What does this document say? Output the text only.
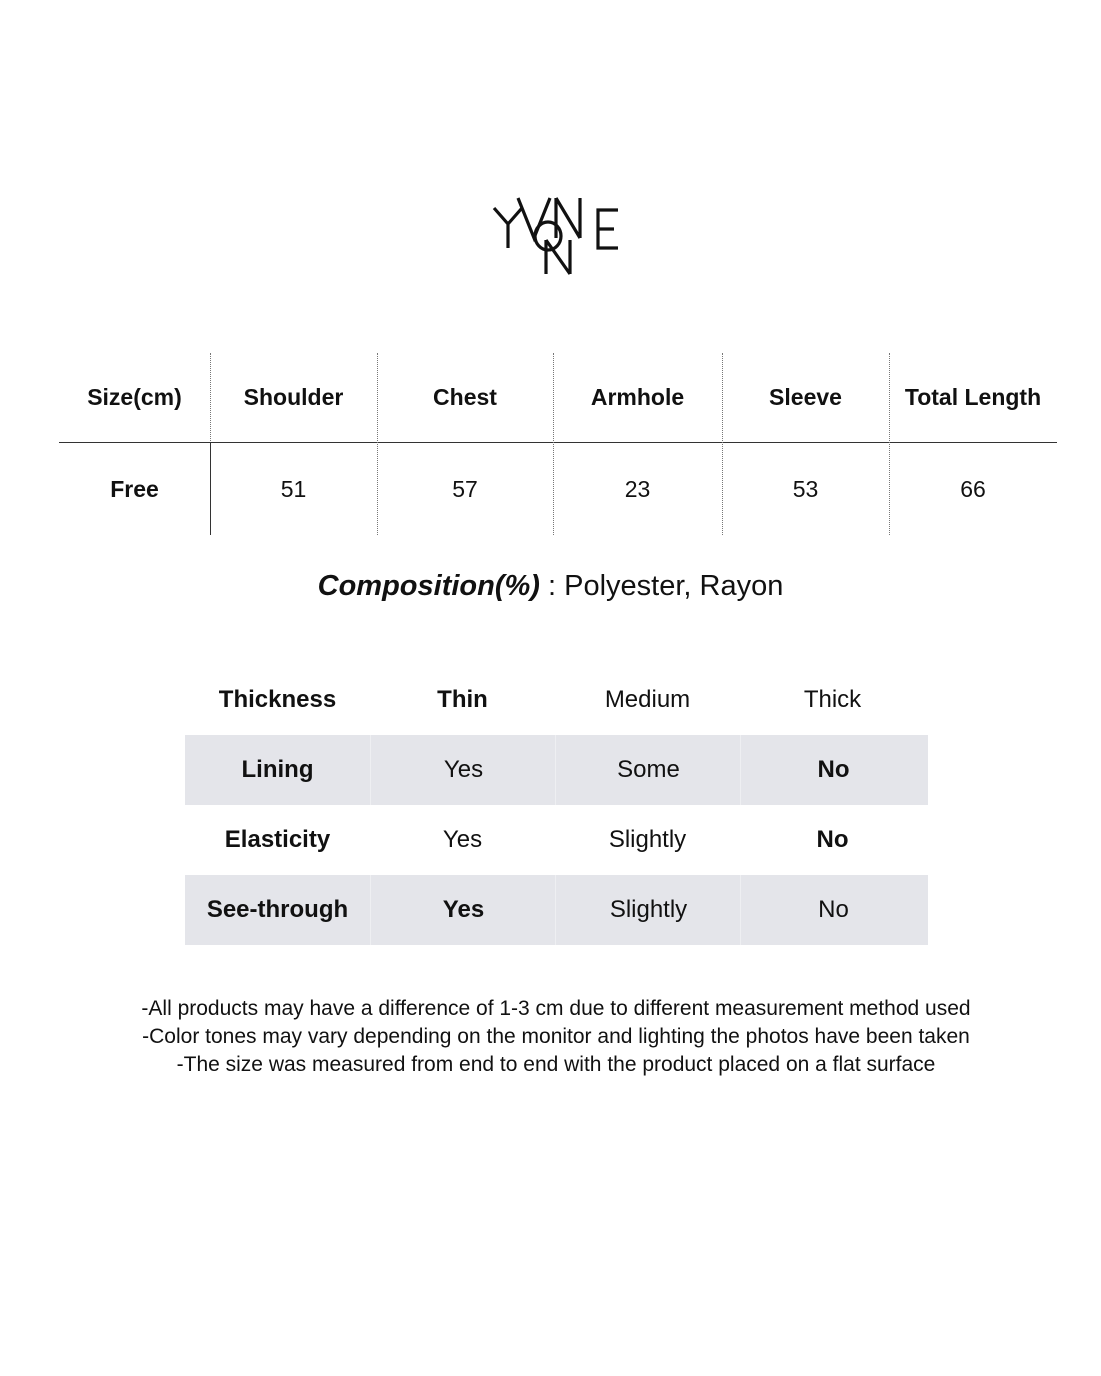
Size(cm)	Shoulder	Chest	Armhole	Sleeve	Total Length
Free	51	57	23	53	66
Composition(%) : Polyester, Rayon
Thickness	Thin	Medium	Thick
Lining	Yes	Some	No
Elasticity	Yes	Slightly	No
See-through	Yes	Slightly	No
-All products may have a difference of 1-3 cm due to different measurement method used
-Color tones may vary depending on the monitor and lighting the photos have been taken
-The size was measured from end to end with the product placed on a flat surface
